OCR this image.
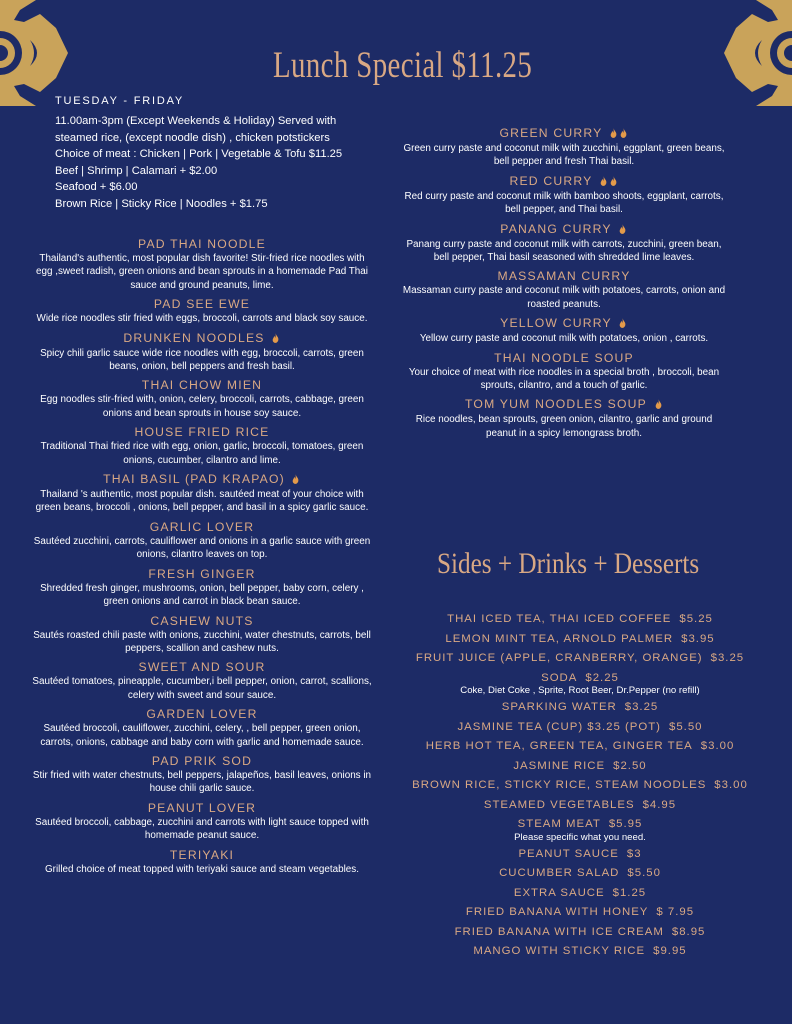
Lunch Special $11.25
TUESDAY - FRIDAY
11.00am-3pm (Except Weekends & Holiday) Served with
steamed rice, (except noodle dish) , chicken potstickers
Choice of meat : Chicken | Pork | Vegetable & Tofu $11.25
Beef | Shrimp | Calamari + $2.00
Seafood + $6.00
Brown Rice | Sticky Rice | Noodles + $1.75
PAD THAI NOODLE
Thailand's authentic, most popular dish favorite! Stir-fried rice noodles with egg ,sweet radish, green onions and bean sprouts in a homemade Pad Thai sauce and ground peanuts, lime.
PAD SEE EWE
Wide rice noodles stir fried with eggs, broccoli, carrots and black soy sauce.
DRUNKEN NOODLES
Spicy chili garlic sauce wide rice noodles with egg, broccoli, carrots, green beans, onion, bell peppers and fresh basil.
THAI CHOW MIEN
Egg noodles stir-fried with, onion, celery, broccoli, carrots, cabbage, green onions and bean sprouts in house soy sauce.
HOUSE FRIED RICE
Traditional Thai fried rice with egg, onion, garlic, broccoli, tomatoes, green onions, cucumber, cilantro and lime.
THAI BASIL (PAD KRAPAO)
Thailand 's authentic, most popular dish. sautéed meat of your choice with green beans, broccoli , onions, bell pepper, and basil in a spicy garlic sauce.
GARLIC LOVER
Sautéed zucchini, carrots, cauliflower and onions in a garlic sauce with green onions, cilantro leaves on top.
FRESH GINGER
Shredded fresh ginger, mushrooms, onion, bell pepper, baby corn, celery , green onions and carrot in black bean sauce.
CASHEW NUTS
Sautés roasted chili paste with onions, zucchini, water chestnuts, carrots, bell peppers, scallion and cashew nuts.
SWEET AND SOUR
Sautéed tomatoes, pineapple, cucumber,i bell pepper, onion, carrot, scallions, celery with sweet and sour sauce.
GARDEN LOVER
Sautéed broccoli, cauliflower, zucchini, celery, , bell pepper, green onion, carrots, onions, cabbage and baby corn with garlic and homemade sauce.
PAD PRIK SOD
Stir fried with water chestnuts, bell peppers, jalapeños, basil leaves, onions in house chili garlic sauce.
PEANUT LOVER
Sautéed broccoli, cabbage, zucchini and carrots with light sauce topped with homemade peanut sauce.
TERIYAKI
Grilled choice of meat topped with teriyaki sauce and steam vegetables.
GREEN CURRY
Green curry paste and coconut milk with zucchini, eggplant, green beans, bell pepper and fresh Thai basil.
RED CURRY
Red curry paste and coconut milk with bamboo shoots, eggplant, carrots, bell pepper, and Thai basil.
PANANG CURRY
Panang curry paste and coconut milk with carrots, zucchini, green bean, bell pepper, Thai basil seasoned with shredded lime leaves.
MASSAMAN CURRY
Massaman curry paste and coconut milk with potatoes, carrots, onion and roasted peanuts.
YELLOW CURRY
Yellow curry paste and coconut milk with potatoes, onion , carrots.
THAI NOODLE SOUP
Your choice of meat with rice noodles in a special broth , broccoli, bean sprouts, cilantro, and a touch of garlic.
TOM YUM NOODLES SOUP
Rice noodles, bean sprouts, green onion, cilantro, garlic and ground peanut in a spicy lemongrass broth.
Sides + Drinks + Desserts
THAI ICED TEA, THAI ICED COFFEE $5.25
LEMON MINT TEA, ARNOLD PALMER $3.95
FRUIT JUICE (APPLE, CRANBERRY, ORANGE) $3.25
SODA $2.25
Coke, Diet Coke , Sprite, Root Beer, Dr.Pepper (no refill)
SPARKING WATER $3.25
JASMINE TEA (CUP) $3.25 (POT) $5.50
HERB HOT TEA, GREEN TEA, GINGER TEA $3.00
JASMINE RICE $2.50
BROWN RICE, STICKY RICE, STEAM NOODLES $3.00
STEAMED VEGETABLES $4.95
STEAM MEAT $5.95
Please specific what you need.
PEANUT SAUCE $3
CUCUMBER SALAD $5.50
EXTRA SAUCE $1.25
FRIED BANANA WITH HONEY $ 7.95
FRIED BANANA WITH ICE CREAM $8.95
MANGO WITH STICKY RICE $9.95
